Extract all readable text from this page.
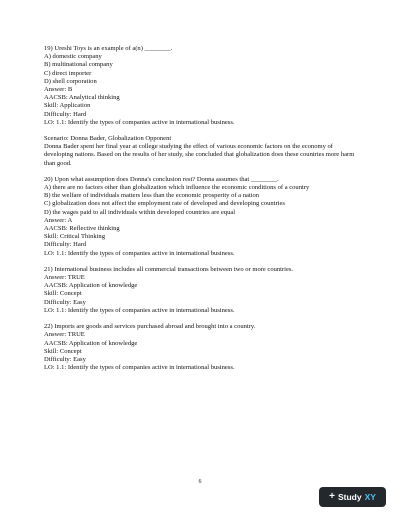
19) Ureshi Toys is an example of a(n) ________.
A) domestic company
B) multinational company
C) direct importer
D) shell corporation
Answer: B
AACSB: Analytical thinking
Skill: Application
Difficulty: Hard
LO: 1.1: Identify the types of companies active in international business.
Scenario: Donna Bader, Globalization Opponent
Donna Bader spent her final year at college studying the effect of various economic factors on the economy of developing nations. Based on the results of her study, she concluded that globalization does these countries more harm than good.
20) Upon what assumption does Donna's conclusion rest? Donna assumes that ________.
A) there are no factors other than globalization which influence the economic conditions of a country
B) the welfare of individuals matters less than the economic prosperity of a nation
C) globalization does not affect the employment rate of developed and developing countries
D) the wages paid to all individuals within developed countries are equal
Answer: A
AACSB: Reflective thinking
Skill: Critical Thinking
Difficulty: Hard
LO: 1.1: Identify the types of companies active in international business.
21) International business includes all commercial transactions between two or more countries.
Answer: TRUE
AACSB: Application of knowledge
Skill: Concept
Difficulty: Easy
LO: 1.1: Identify the types of companies active in international business.
22) Imports are goods and services purchased abroad and brought into a country.
Answer: TRUE
AACSB: Application of knowledge
Skill: Concept
Difficulty: Easy
LO: 1.1: Identify the types of companies active in international business.
6
+ Study XY
